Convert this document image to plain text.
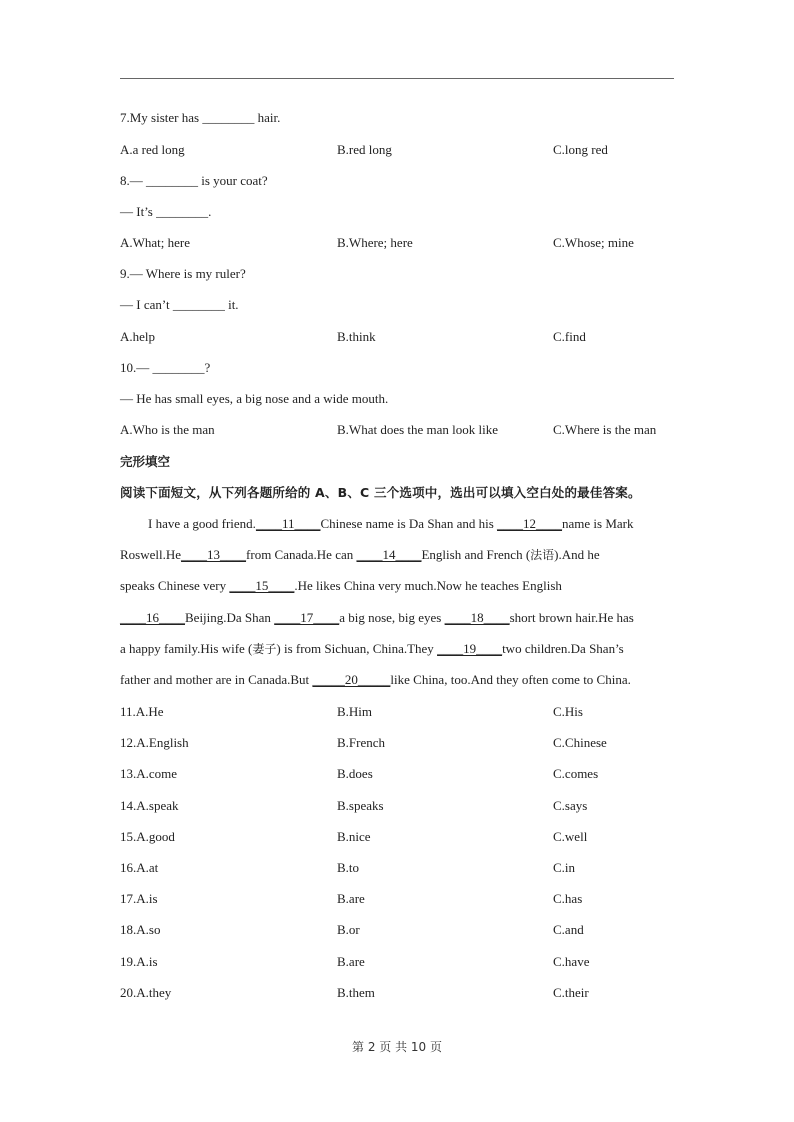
7.My sister has ________ hair.
A.a red long	B.red long	C.long red
8.— ________ is your coat?
— It’s ________.
A.What; here	B.Where; here	C.Whose; mine
9.— Where is my ruler?
— I can’t ________ it.
A.help	B.think	C.find
10.— ________?
— He has small eyes, a big nose and a wide mouth.
A.Who is the man	B.What does the man look like	C.Where is the man
完形填空
阅读下面短文，从下列各题所给的 A、B、C 三个选项中，选出可以填入空白处的最佳答案。
I have a good friend.____11____Chinese name is Da Shan and his ____12____name is Mark
Roswell.He____13____from Canada.He can ____14____English and French (法语).And he
speaks Chinese very ____15____.He likes China very much.Now he teaches English
____16____Beijing.Da Shan ____17____a big nose, big eyes ____18____short brown hair.He has
a happy family.His wife (妻子) is from Sichuan, China.They ____19____two children.Da Shan’s
father and mother are in Canada.But _____20_____like China, too.And they often come to China.
11.A.He	B.Him	C.His
12.A.English	B.French	C.Chinese
13.A.come	B.does	C.comes
14.A.speak	B.speaks	C.says
15.A.good	B.nice	C.well
16.A.at	B.to	C.in
17.A.is	B.are	C.has
18.A.so	B.or	C.and
19.A.is	B.are	C.have
20.A.they	B.them	C.their
第 2 页 共 10 页
